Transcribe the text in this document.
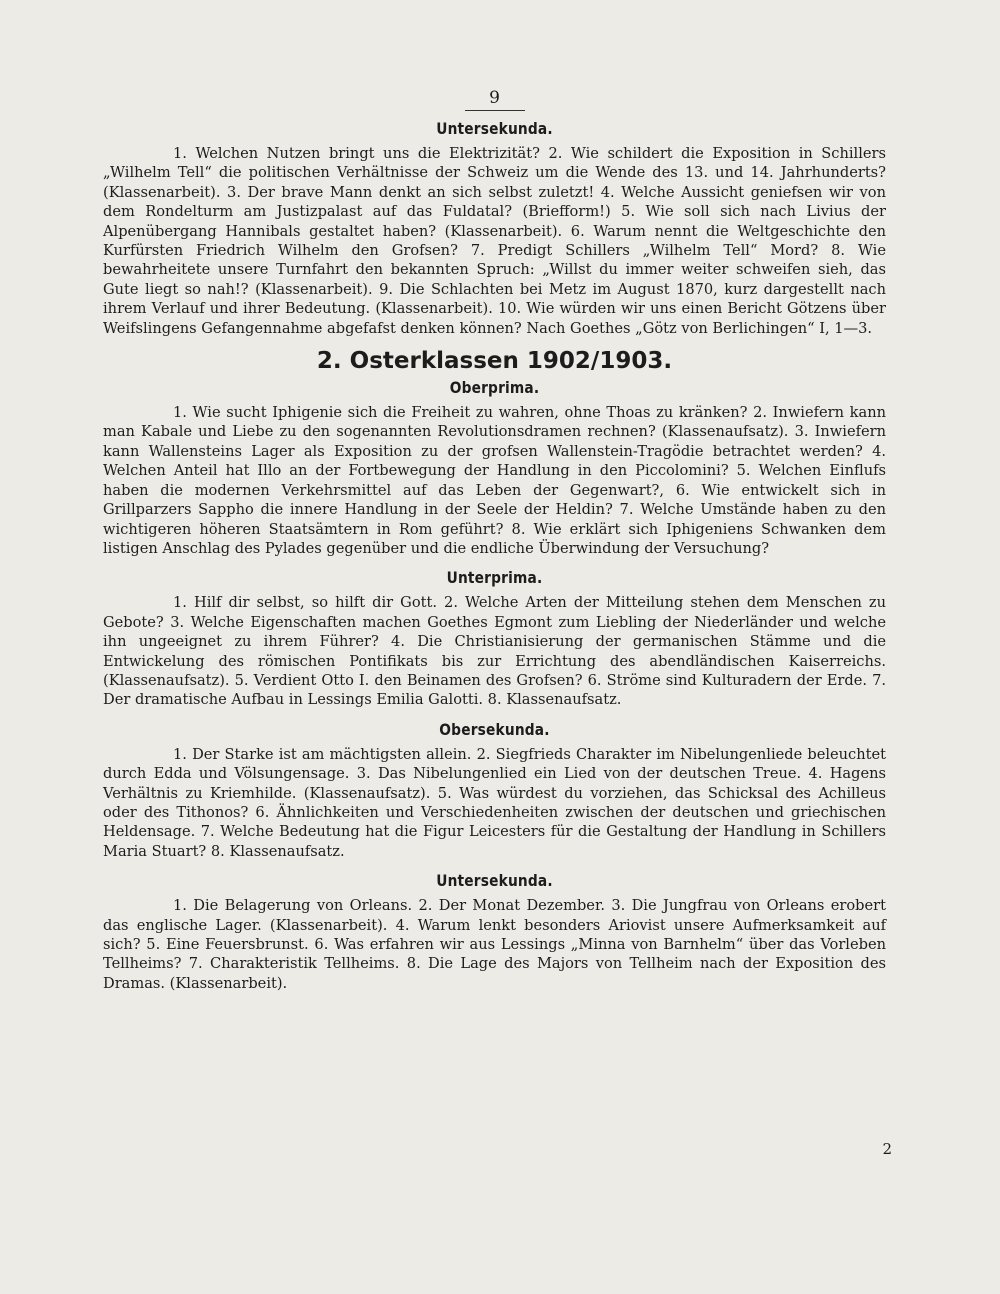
9
Untersekunda.

1. Welchen Nutzen bringt uns die Elektrizität? 2. Wie schildert die Exposition in Schillers „Wilhelm Tell“ die politischen Verhältnisse der Schweiz um die Wende des 13. und 14. Jahrhunderts? (Klassenarbeit). 3. Der brave Mann denkt an sich selbst zuletzt! 4. Welche Aussicht geniefsen wir von dem Rondelturm am Justizpalast auf das Fuldatal? (Briefform!) 5. Wie soll sich nach Livius der Alpenübergang Hannibals gestaltet haben? (Klassenarbeit). 6. Warum nennt die Weltgeschichte den Kurfürsten Friedrich Wilhelm den Grofsen? 7. Predigt Schillers „Wilhelm Tell“ Mord? 8. Wie bewahrheitete unsere Turnfahrt den bekannten Spruch: „Willst du immer weiter schweifen sieh, das Gute liegt so nah!? (Klassenarbeit). 9. Die Schlachten bei Metz im August 1870, kurz dargestellt nach ihrem Verlauf und ihrer Bedeutung. (Klassenarbeit). 10. Wie würden wir uns einen Bericht Götzens über Weifslingens Gefangennahme abgefafst denken können? Nach Goethes „Götz von Berlichingen“ I, 1—3.

2. Osterklassen 1902/1903.
Oberprima.

1. Wie sucht Iphigenie sich die Freiheit zu wahren, ohne Thoas zu kränken? 2. Inwiefern kann man Kabale und Liebe zu den sogenannten Revolutionsdramen rechnen? (Klassenaufsatz). 3. Inwiefern kann Wallensteins Lager als Exposition zu der grofsen Wallenstein-Tragödie betrachtet werden? 4. Welchen Anteil hat Illo an der Fortbewegung der Handlung in den Piccolomini? 5. Welchen Einflufs haben die modernen Verkehrsmittel auf das Leben der Gegenwart?, 6. Wie entwickelt sich in Grillparzers Sappho die innere Handlung in der Seele der Heldin? 7. Welche Umstände haben zu den wichtigeren höheren Staatsämtern in Rom geführt? 8. Wie erklärt sich Iphigeniens Schwanken dem listigen Anschlag des Pylades gegenüber und die endliche Überwindung der Versuchung?

Unterprima.

1. Hilf dir selbst, so hilft dir Gott. 2. Welche Arten der Mitteilung stehen dem Menschen zu Gebote? 3. Welche Eigenschaften machen Goethes Egmont zum Liebling der Niederländer und welche ihn ungeeignet zu ihrem Führer? 4. Die Christianisierung der germanischen Stämme und die Entwickelung des römischen Pontifikats bis zur Errichtung des abendländischen Kaiserreichs. (Klassenaufsatz). 5. Verdient Otto I. den Beinamen des Grofsen? 6. Ströme sind Kulturadern der Erde. 7. Der dramatische Aufbau in Lessings Emilia Galotti. 8. Klassenaufsatz.

Obersekunda.

1. Der Starke ist am mächtigsten allein. 2. Siegfrieds Charakter im Nibelungenliede beleuchtet durch Edda und Völsungensage. 3. Das Nibelungenlied ein Lied von der deutschen Treue. 4. Hagens Verhältnis zu Kriemhilde. (Klassenaufsatz). 5. Was würdest du vorziehen, das Schicksal des Achilleus oder des Tithonos? 6. Ähnlichkeiten und Verschiedenheiten zwischen der deutschen und griechischen Heldensage. 7. Welche Bedeutung hat die Figur Leicesters für die Gestaltung der Handlung in Schillers Maria Stuart? 8. Klassenaufsatz.

Untersekunda.

1. Die Belagerung von Orleans. 2. Der Monat Dezember. 3. Die Jungfrau von Orleans erobert das englische Lager. (Klassenarbeit). 4. Warum lenkt besonders Ariovist unsere Aufmerksamkeit auf sich? 5. Eine Feuersbrunst. 6. Was erfahren wir aus Lessings „Minna von Barnhelm“ über das Vorleben Tellheims? 7. Charakteristik Tellheims. 8. Die Lage des Majors von Tellheim nach der Exposition des Dramas. (Klassenarbeit).

2
